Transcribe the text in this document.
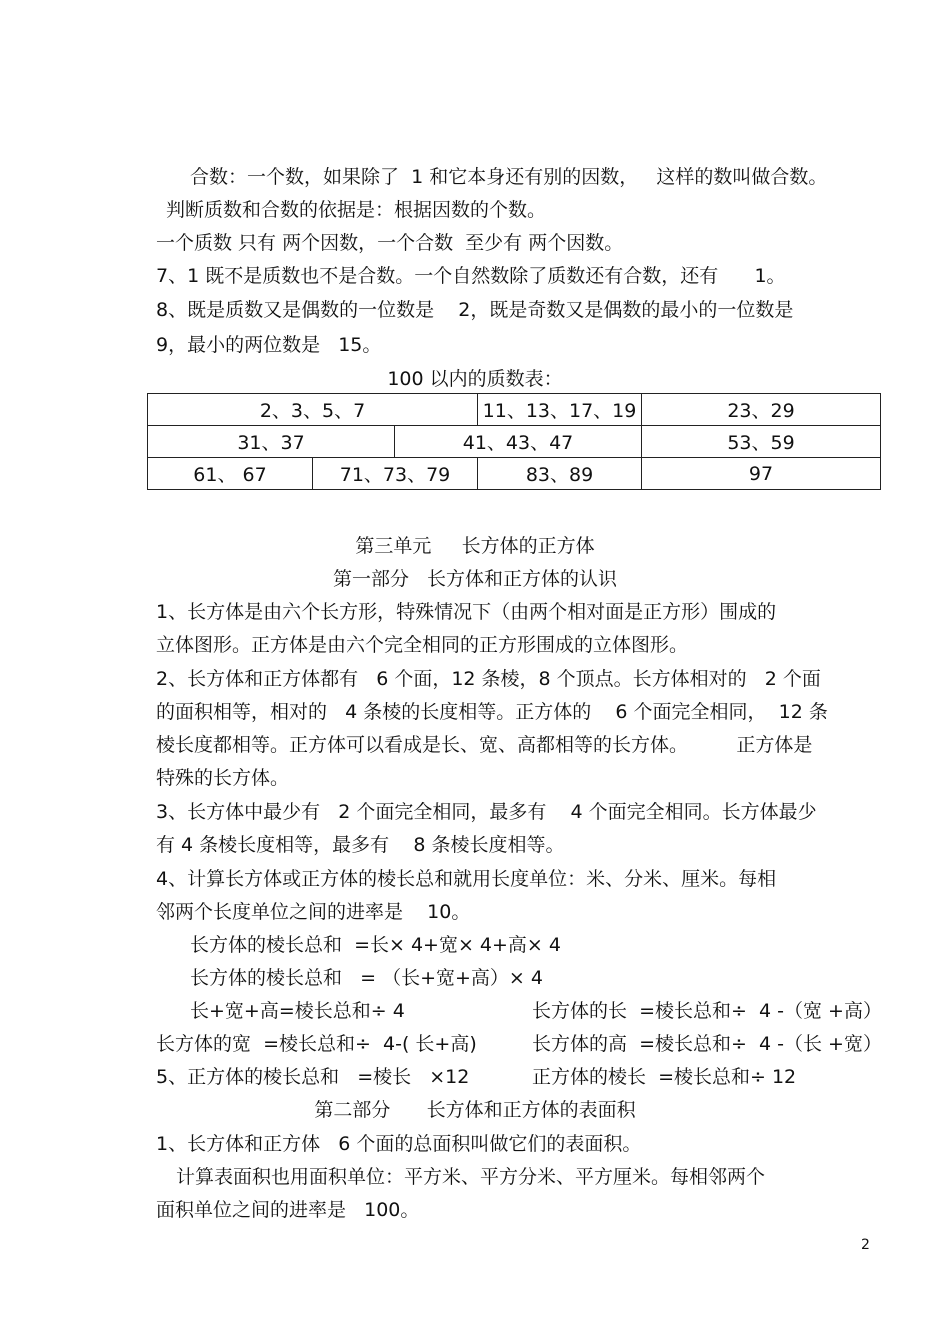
合数：一个数，如果除了  1 和它本身还有别的因数，   这样的数叫做合数。
判断质数和合数的依据是：根据因数的个数。
一个质数 只有 两个因数，一个合数  至少有 两个因数。
7、1 既不是质数也不是合数。一个自然数除了质数还有合数，还有      1。
8、既是质数又是偶数的一位数是    2，既是奇数又是偶数的最小的一位数是
9，最小的两位数是   15。
100 以内的质数表：
2、3、5、7			11、13、17、19	23、29
31、37		41、43、47		53、59
61、 67	71、73、79		83、89	97
第三单元     长方体的正方体
第一部分   长方体和正方体的认识
1、长方体是由六个长方形，特殊情况下（由两个相对面是正方形）围成的
立体图形。正方体是由六个完全相同的正方形围成的立体图形。
2、长方体和正方体都有   6 个面，12 条棱，8 个顶点。长方体相对的   2 个面
的面积相等，相对的   4 条棱的长度相等。正方体的    6 个面完全相同，  12 条
棱长度都相等。正方体可以看成是长、宽、高都相等的长方体。        正方体是
特殊的长方体。
3、长方体中最少有   2 个面完全相同，最多有    4 个面完全相同。长方体最少
有 4 条棱长度相等，最多有    8 条棱长度相等。
4、计算长方体或正方体的棱长总和就用长度单位：米、分米、厘米。每相
邻两个长度单位之间的进率是    10。
长方体的棱长总和  =长× 4+宽× 4+高× 4
长方体的棱长总和   = （长+宽+高）× 4
长+宽+高=棱长总和÷ 4	长方体的长  =棱长总和÷  4 -（宽 +高）
长方体的宽  =棱长总和÷  4-( 长+高)	长方体的高  =棱长总和÷  4 -（长 +宽）
5、正方体的棱长总和   =棱长   ×12	正方体的棱长  =棱长总和÷ 12
第二部分      长方体和正方体的表面积
1、长方体和正方体   6 个面的总面积叫做它们的表面积。
计算表面积也用面积单位：平方米、平方分米、平方厘米。每相邻两个
面积单位之间的进率是   100。
2
